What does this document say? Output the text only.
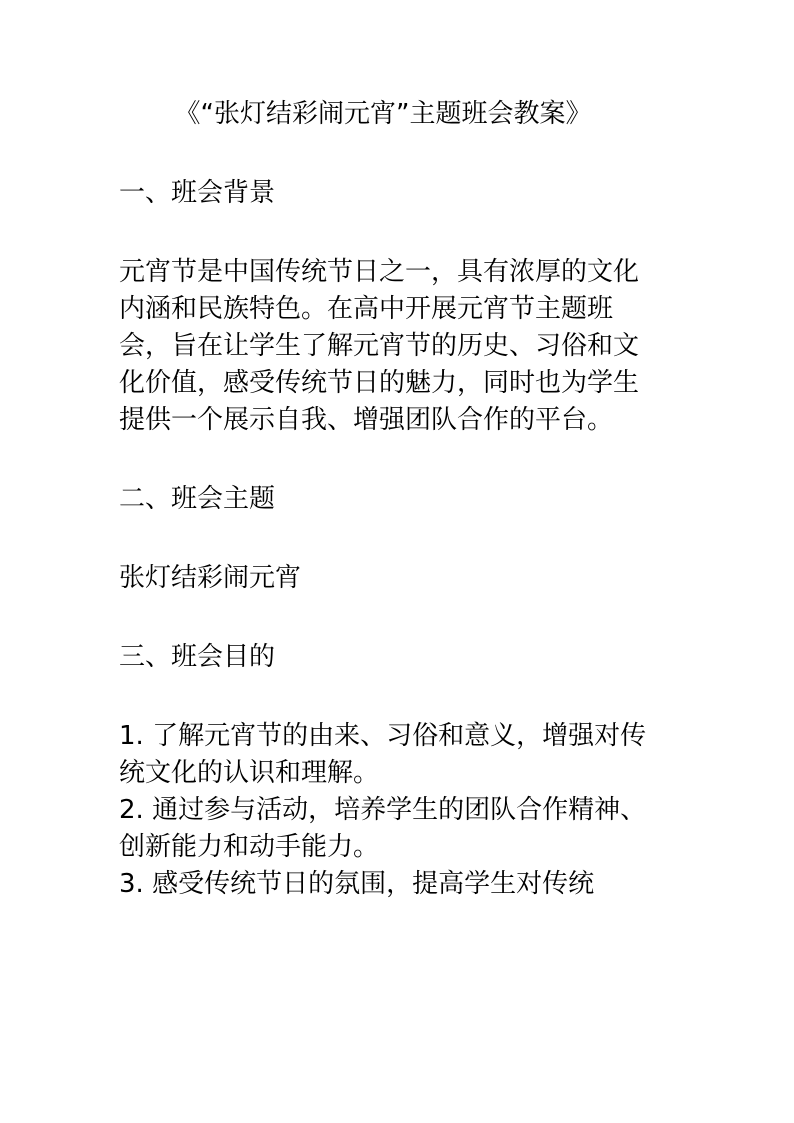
《“张灯结彩闹元宵”主题班会教案》
一、班会背景

元宵节是中国传统节日之一，具有浓厚的文化内涵和民族特色。在高中开展元宵节主题班会，旨在让学生了解元宵节的历史、习俗和文化价值，感受传统节日的魅力，同时也为学生提供一个展示自我、增强团队合作的平台。

二、班会主题

张灯结彩闹元宵

三、班会目的
1. 了解元宵节的由来、习俗和意义，增强对传统文化的认识和理解。
2. 通过参与活动，培养学生的团队合作精神、创新能力和动手能力。
3. 感受传统节日的氛围，提高学生对传统
